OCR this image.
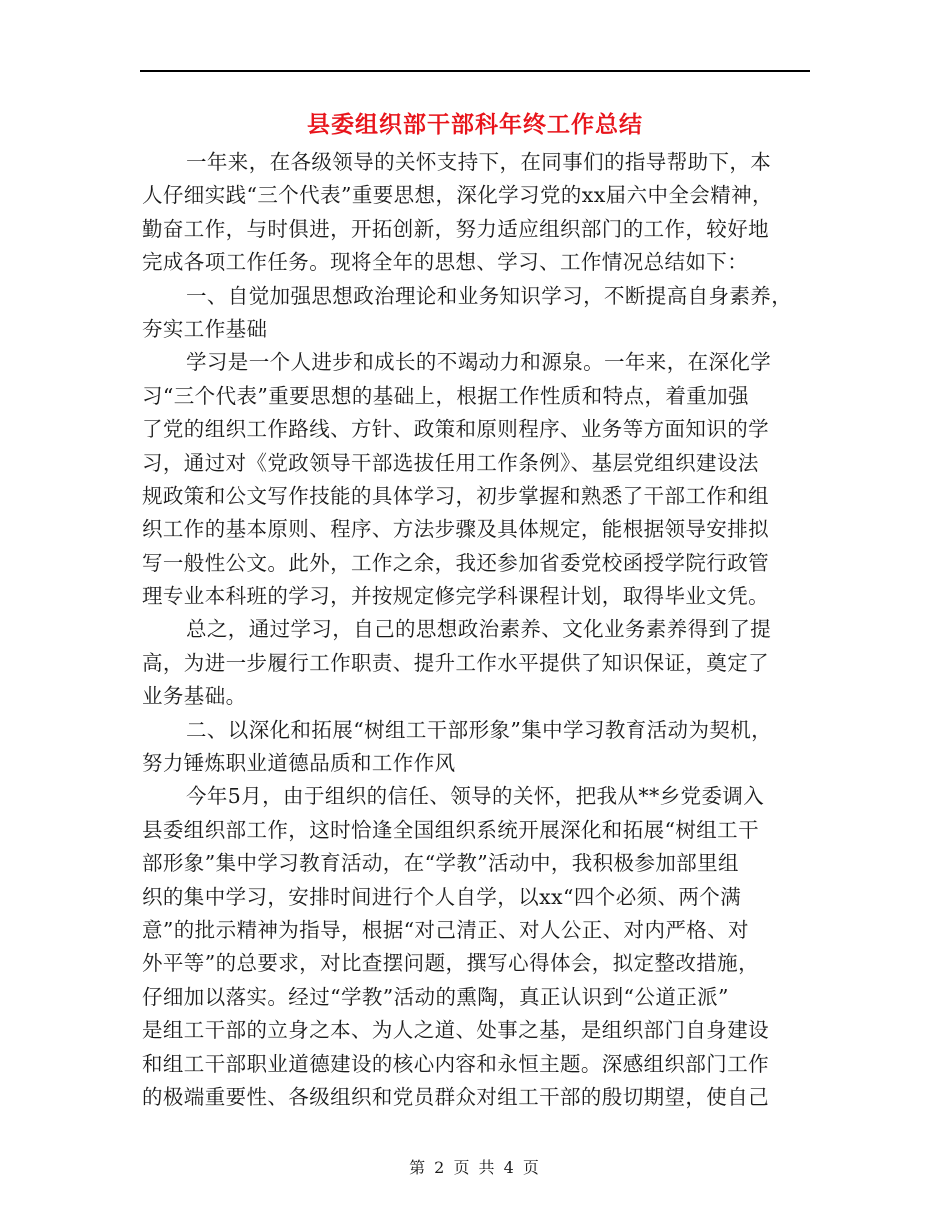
县委组织部干部科年终工作总结
一年来，在各级领导的关怀支持下，在同事们的指导帮助下，本
人仔细实践“三个代表”重要思想，深化学习党的xx届六中全会精神，
勤奋工作，与时俱进，开拓创新，努力适应组织部门的工作，较好地
完成各项工作任务。现将全年的思想、学习、工作情况总结如下：
一、自觉加强思想政治理论和业务知识学习，不断提高自身素养，
夯实工作基础
学习是一个人进步和成长的不竭动力和源泉。一年来，在深化学
习“三个代表”重要思想的基础上，根据工作性质和特点，着重加强
了党的组织工作路线、方针、政策和原则程序、业务等方面知识的学
习，通过对《党政领导干部选拔任用工作条例》、基层党组织建设法
规政策和公文写作技能的具体学习，初步掌握和熟悉了干部工作和组
织工作的基本原则、程序、方法步骤及具体规定，能根据领导安排拟
写一般性公文。此外，工作之余，我还参加省委党校函授学院行政管
理专业本科班的学习，并按规定修完学科课程计划，取得毕业文凭。
总之，通过学习，自己的思想政治素养、文化业务素养得到了提
高，为进一步履行工作职责、提升工作水平提供了知识保证，奠定了
业务基础。
二、以深化和拓展“树组工干部形象”集中学习教育活动为契机，
努力锤炼职业道德品质和工作作风
今年5月，由于组织的信任、领导的关怀，把我从**乡党委调入
县委组织部工作，这时恰逢全国组织系统开展深化和拓展“树组工干
部形象”集中学习教育活动，在“学教”活动中，我积极参加部里组
织的集中学习，安排时间进行个人自学，以xx“四个必须、两个满
意”的批示精神为指导，根据“对己清正、对人公正、对内严格、对
外平等”的总要求，对比查摆问题，撰写心得体会，拟定整改措施，
仔细加以落实。经过“学教”活动的熏陶，真正认识到“公道正派”
是组工干部的立身之本、为人之道、处事之基，是组织部门自身建设
和组工干部职业道德建设的核心内容和永恒主题。深感组织部门工作
的极端重要性、各级组织和党员群众对组工干部的殷切期望，使自己
第 2 页 共 4 页
